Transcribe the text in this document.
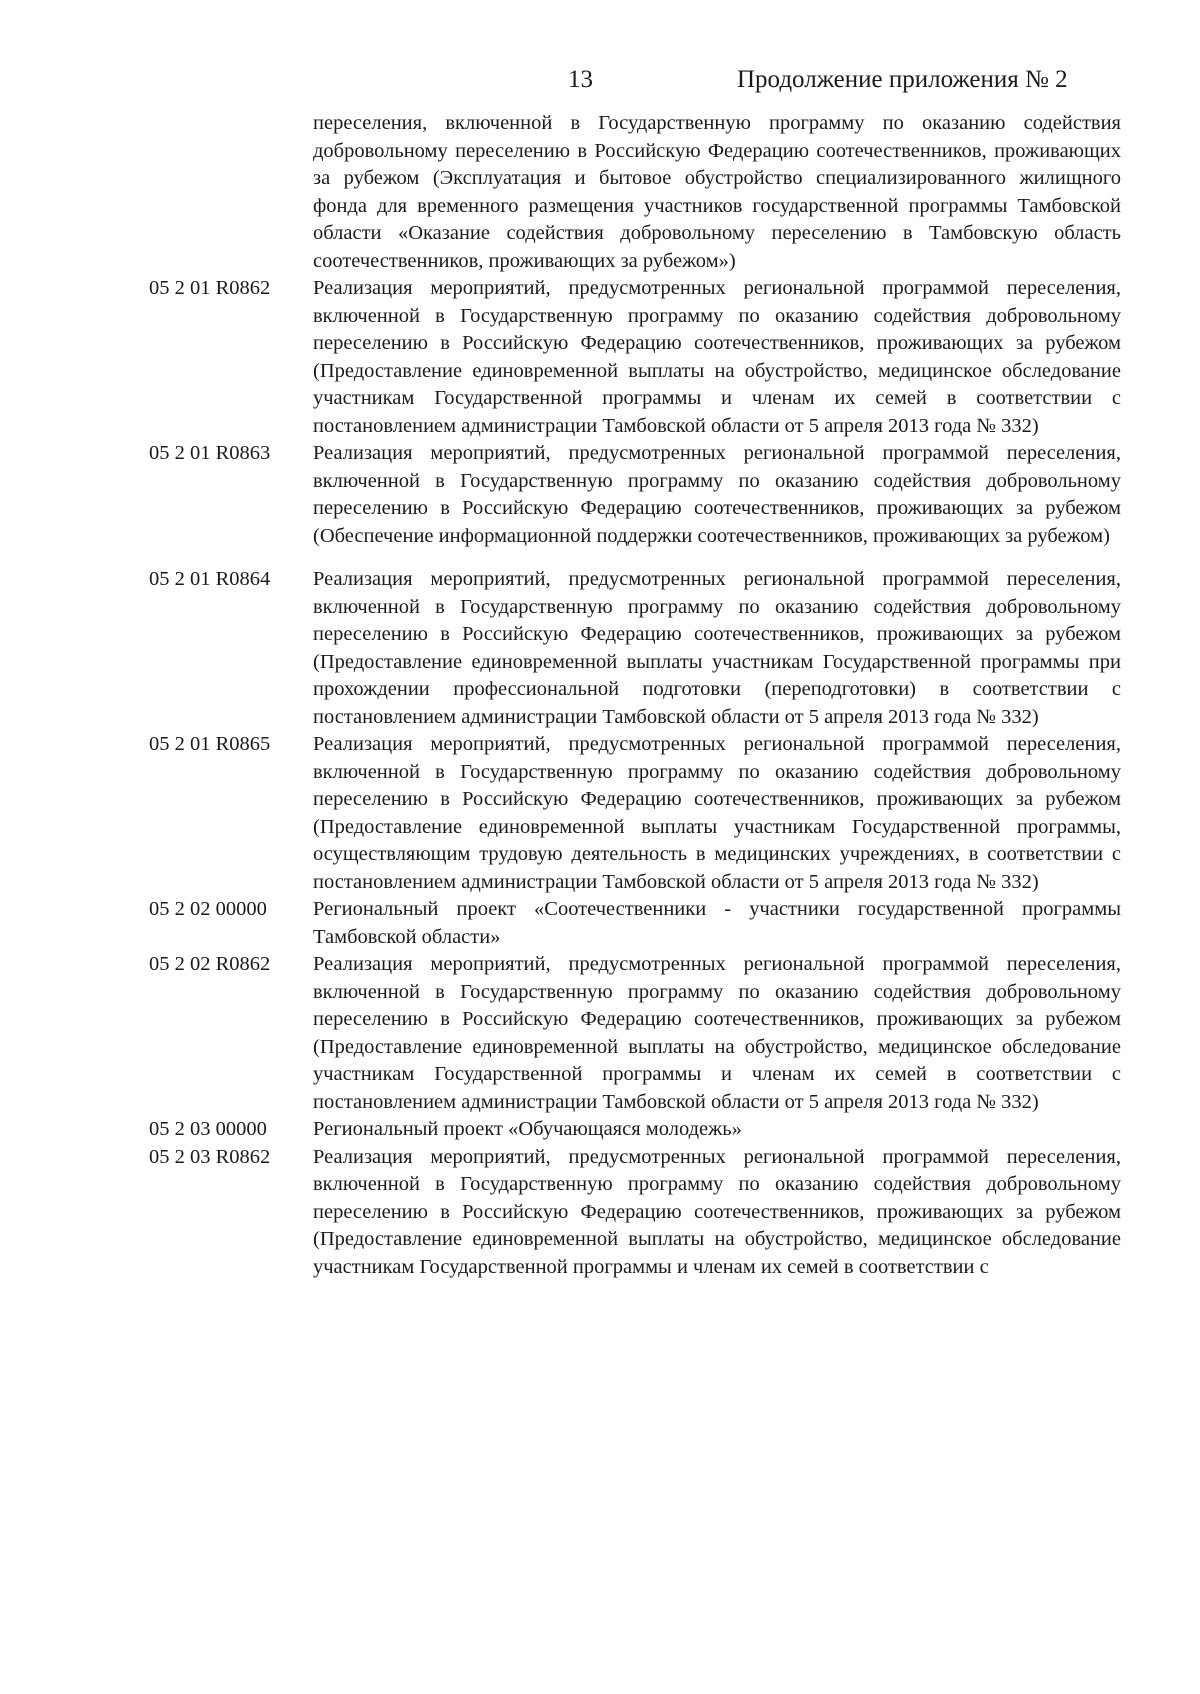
13	Продолжение приложения № 2
переселения, включенной в Государственную программу по оказанию содействия добровольному переселению в Российскую Федерацию соотечественников, проживающих за рубежом (Эксплуатация и бытовое обустройство специализированного жилищного фонда для временного размещения участников государственной программы Тамбовской области «Оказание содействия добровольному переселению в Тамбовскую область соотечественников, проживающих за рубежом»)
05 2 01 R0862	Реализация мероприятий, предусмотренных региональной программой переселения, включенной в Государственную программу по оказанию содействия добровольному переселению в Российскую Федерацию соотечественников, проживающих за рубежом (Предоставление единовременной выплаты на обустройство, медицинское обследование участникам Государственной программы и членам их семей в соответствии с постановлением администрации Тамбовской области от 5 апреля 2013 года № 332)
05 2 01 R0863	Реализация мероприятий, предусмотренных региональной программой переселения, включенной в Государственную программу по оказанию содействия добровольному переселению в Российскую Федерацию соотечественников, проживающих за рубежом (Обеспечение информационной поддержки соотечественников, проживающих за рубежом)
05 2 01 R0864	Реализация мероприятий, предусмотренных региональной программой переселения, включенной в Государственную программу по оказанию содействия добровольному переселению в Российскую Федерацию соотечественников, проживающих за рубежом (Предоставление единовременной выплаты участникам Государственной программы при прохождении профессиональной подготовки (переподготовки) в соответствии с постановлением администрации Тамбовской области от 5 апреля 2013 года № 332)
05 2 01 R0865	Реализация мероприятий, предусмотренных региональной программой переселения, включенной в Государственную программу по оказанию содействия добровольному переселению в Российскую Федерацию соотечественников, проживающих за рубежом (Предоставление единовременной выплаты участникам Государственной программы, осуществляющим трудовую деятельность в медицинских учреждениях, в соответствии с постановлением администрации Тамбовской области от 5 апреля 2013 года № 332)
05 2 02 00000	Региональный проект «Соотечественники - участники государственной программы Тамбовской области»
05 2 02 R0862	Реализация мероприятий, предусмотренных региональной программой переселения, включенной в Государственную программу по оказанию содействия добровольному переселению в Российскую Федерацию соотечественников, проживающих за рубежом (Предоставление единовременной выплаты на обустройство, медицинское обследование участникам Государственной программы и членам их семей в соответствии с постановлением администрации Тамбовской области от 5 апреля 2013 года № 332)
05 2 03 00000	Региональный проект «Обучающаяся молодежь»
05 2 03 R0862	Реализация мероприятий, предусмотренных региональной программой переселения, включенной в Государственную программу по оказанию содействия добровольному переселению в Российскую Федерацию соотечественников, проживающих за рубежом (Предоставление единовременной выплаты на обустройство, медицинское обследование участникам Государственной программы и членам их семей в соответствии с
